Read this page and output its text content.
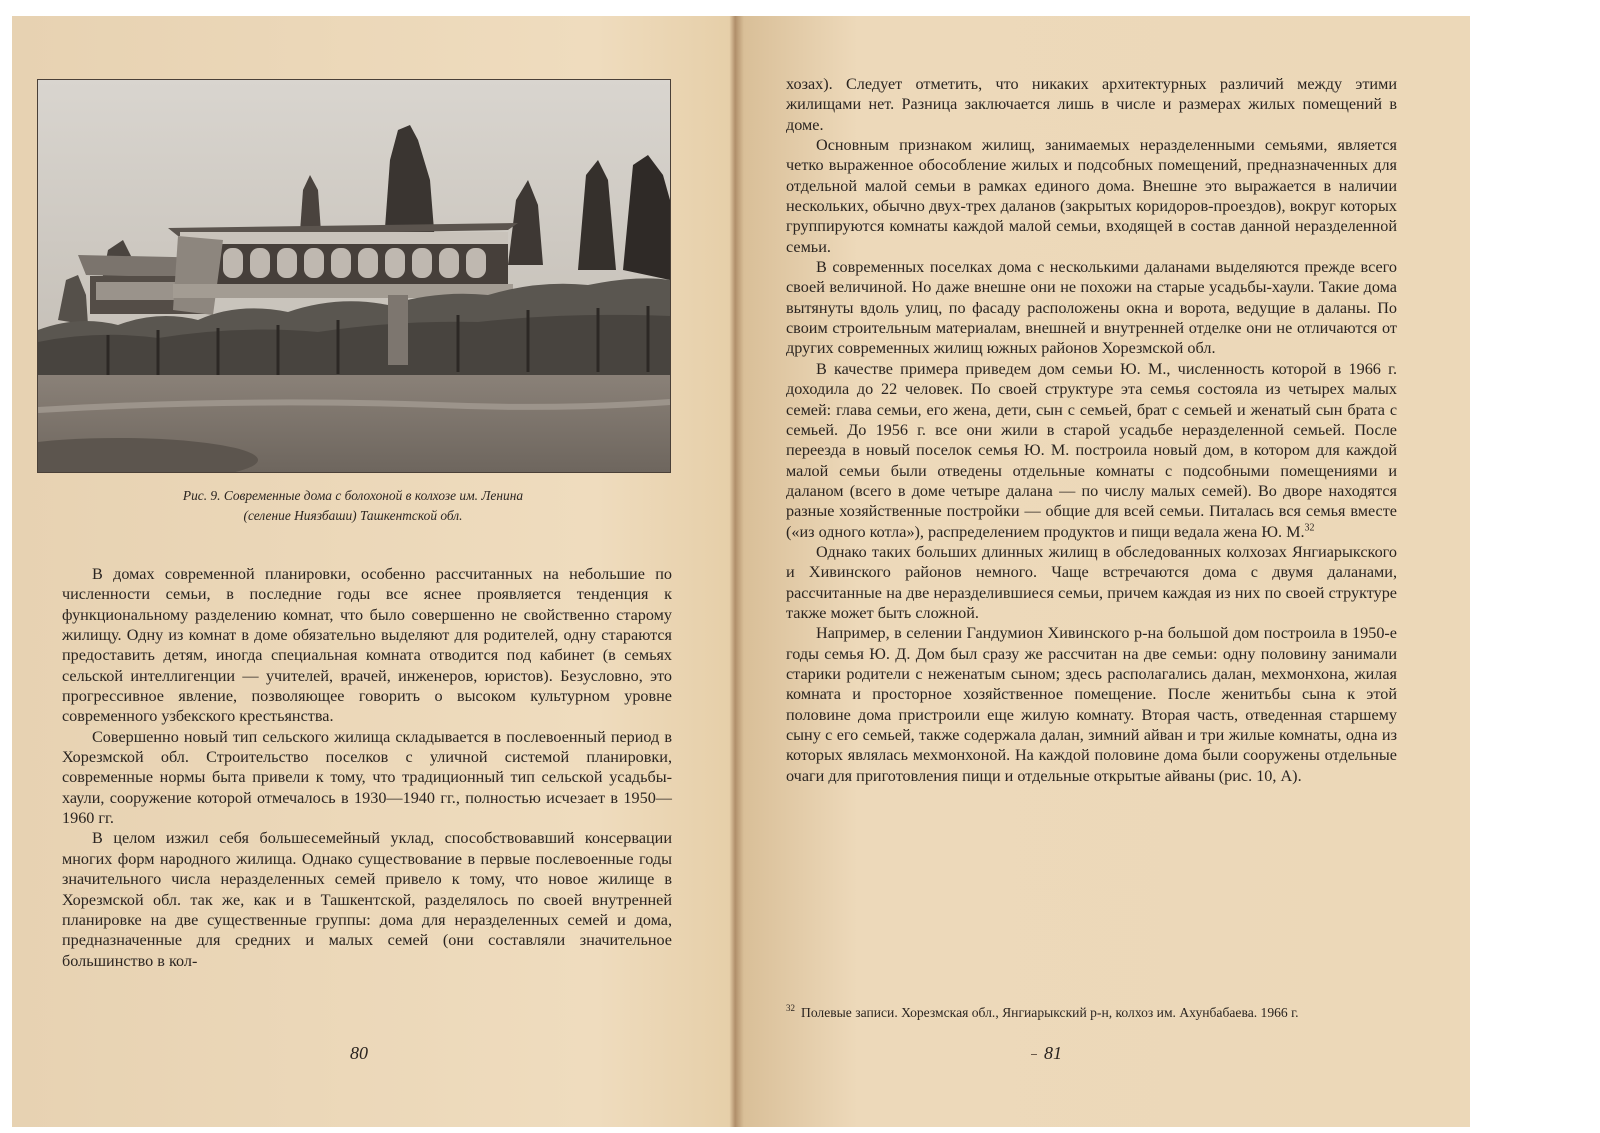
Рис. 9. Современные дома с болохоной в колхозе им. Ленина
(селение Ниязбаши) Ташкентской обл.

В домах современной планировки, особенно рассчитанных на небольшие по численности семьи, в последние годы все яснее проявляется тенденция к функциональному разделению комнат, что было совершенно не свойственно старому жилищу. Одну из комнат в доме обязательно выделяют для родителей, одну стараются предоставить детям, иногда специальная комната отводится под кабинет (в семьях сельской интеллигенции — учителей, врачей, инженеров, юристов). Безусловно, это прогрессивное явление, позволяющее говорить о высоком культурном уровне современного узбекского крестьянства.

Совершенно новый тип сельского жилища складывается в послевоенный период в Хорезмской обл. Строительство поселков с уличной системой планировки, современные нормы быта привели к тому, что традиционный тип сельской усадьбы-хаули, сооружение которой отмечалось в 1930—1940 гг., полностью исчезает в 1950—1960 гг.

В целом изжил себя большесемейный уклад, способствовавший консервации многих форм народного жилища. Однако существование в первые послевоенные годы значительного числа неразделенных семей привело к тому, что новое жилище в Хорезмской обл. так же, как и в Ташкентской, разделялось по своей внутренней планировке на две существенные группы: дома для неразделенных семей и дома, предназначенные для средних и малых семей (они составляли значительное большинство в кол-

80

хозах). Следует отметить, что никаких архитектурных различий между этими жилищами нет. Разница заключается лишь в числе и размерах жилых помещений в доме.

Основным признаком жилищ, занимаемых неразделенными семьями, является четко выраженное обособление жилых и подсобных помещений, предназначенных для отдельной малой семьи в рамках единого дома. Внешне это выражается в наличии нескольких, обычно двух-трех даланов (закрытых коридоров-проездов), вокруг которых группируются комнаты каждой малой семьи, входящей в состав данной неразделенной семьи.

В современных поселках дома с несколькими даланами выделяются прежде всего своей величиной. Но даже внешне они не похожи на старые усадьбы-хаули. Такие дома вытянуты вдоль улиц, по фасаду расположены окна и ворота, ведущие в даланы. По своим строительным материалам, внешней и внутренней отделке они не отличаются от других современных жилищ южных районов Хорезмской обл.

В качестве примера приведем дом семьи Ю. М., численность которой в 1966 г. доходила до 22 человек. По своей структуре эта семья состояла из четырех малых семей: глава семьи, его жена, дети, сын с семьей, брат с семьей и женатый сын брата с семьей. До 1956 г. все они жили в старой усадьбе неразделенной семьей. После переезда в новый поселок семья Ю. М. построила новый дом, в котором для каждой малой семьи были отведены отдельные комнаты с подсобными помещениями и даланом (всего в доме четыре далана — по числу малых семей). Во дворе находятся разные хозяйственные постройки — общие для всей семьи. Питалась вся семья вместе («из одного котла»), распределением продуктов и пищи ведала жена Ю. М.$^{32}$

Однако таких больших длинных жилищ в обследованных колхозах Янгиарыкского и Хивинского районов немного. Чаще встречаются дома с двумя даланами, рассчитанные на две неразделившиеся семьи, причем каждая из них по своей структуре также может быть сложной.

Например, в селении Гандумион Хивинского р-на большой дом построила в 1950-е годы семья Ю. Д. Дом был сразу же рассчитан на две семьи: одну половину занимали старики родители с неженатым сыном; здесь располагались далан, мехмонхона, жилая комната и просторное хозяйственное помещение. После женитьбы сына к этой половине дома пристроили еще жилую комнату. Вторая часть, отведенная старшему сыну с его семьей, также содержала далан, зимний айван и три жилые комнаты, одна из которых являлась мехмонхоной. На каждой половине дома были сооружены отдельные очаги для приготовления пищи и отдельные открытые айваны (рис. 10, А).

$^{32}$ Полевые записи. Хорезмская обл., Янгиарыкский р-н, колхоз им. Ахунбабаева. 1966 г.
81
